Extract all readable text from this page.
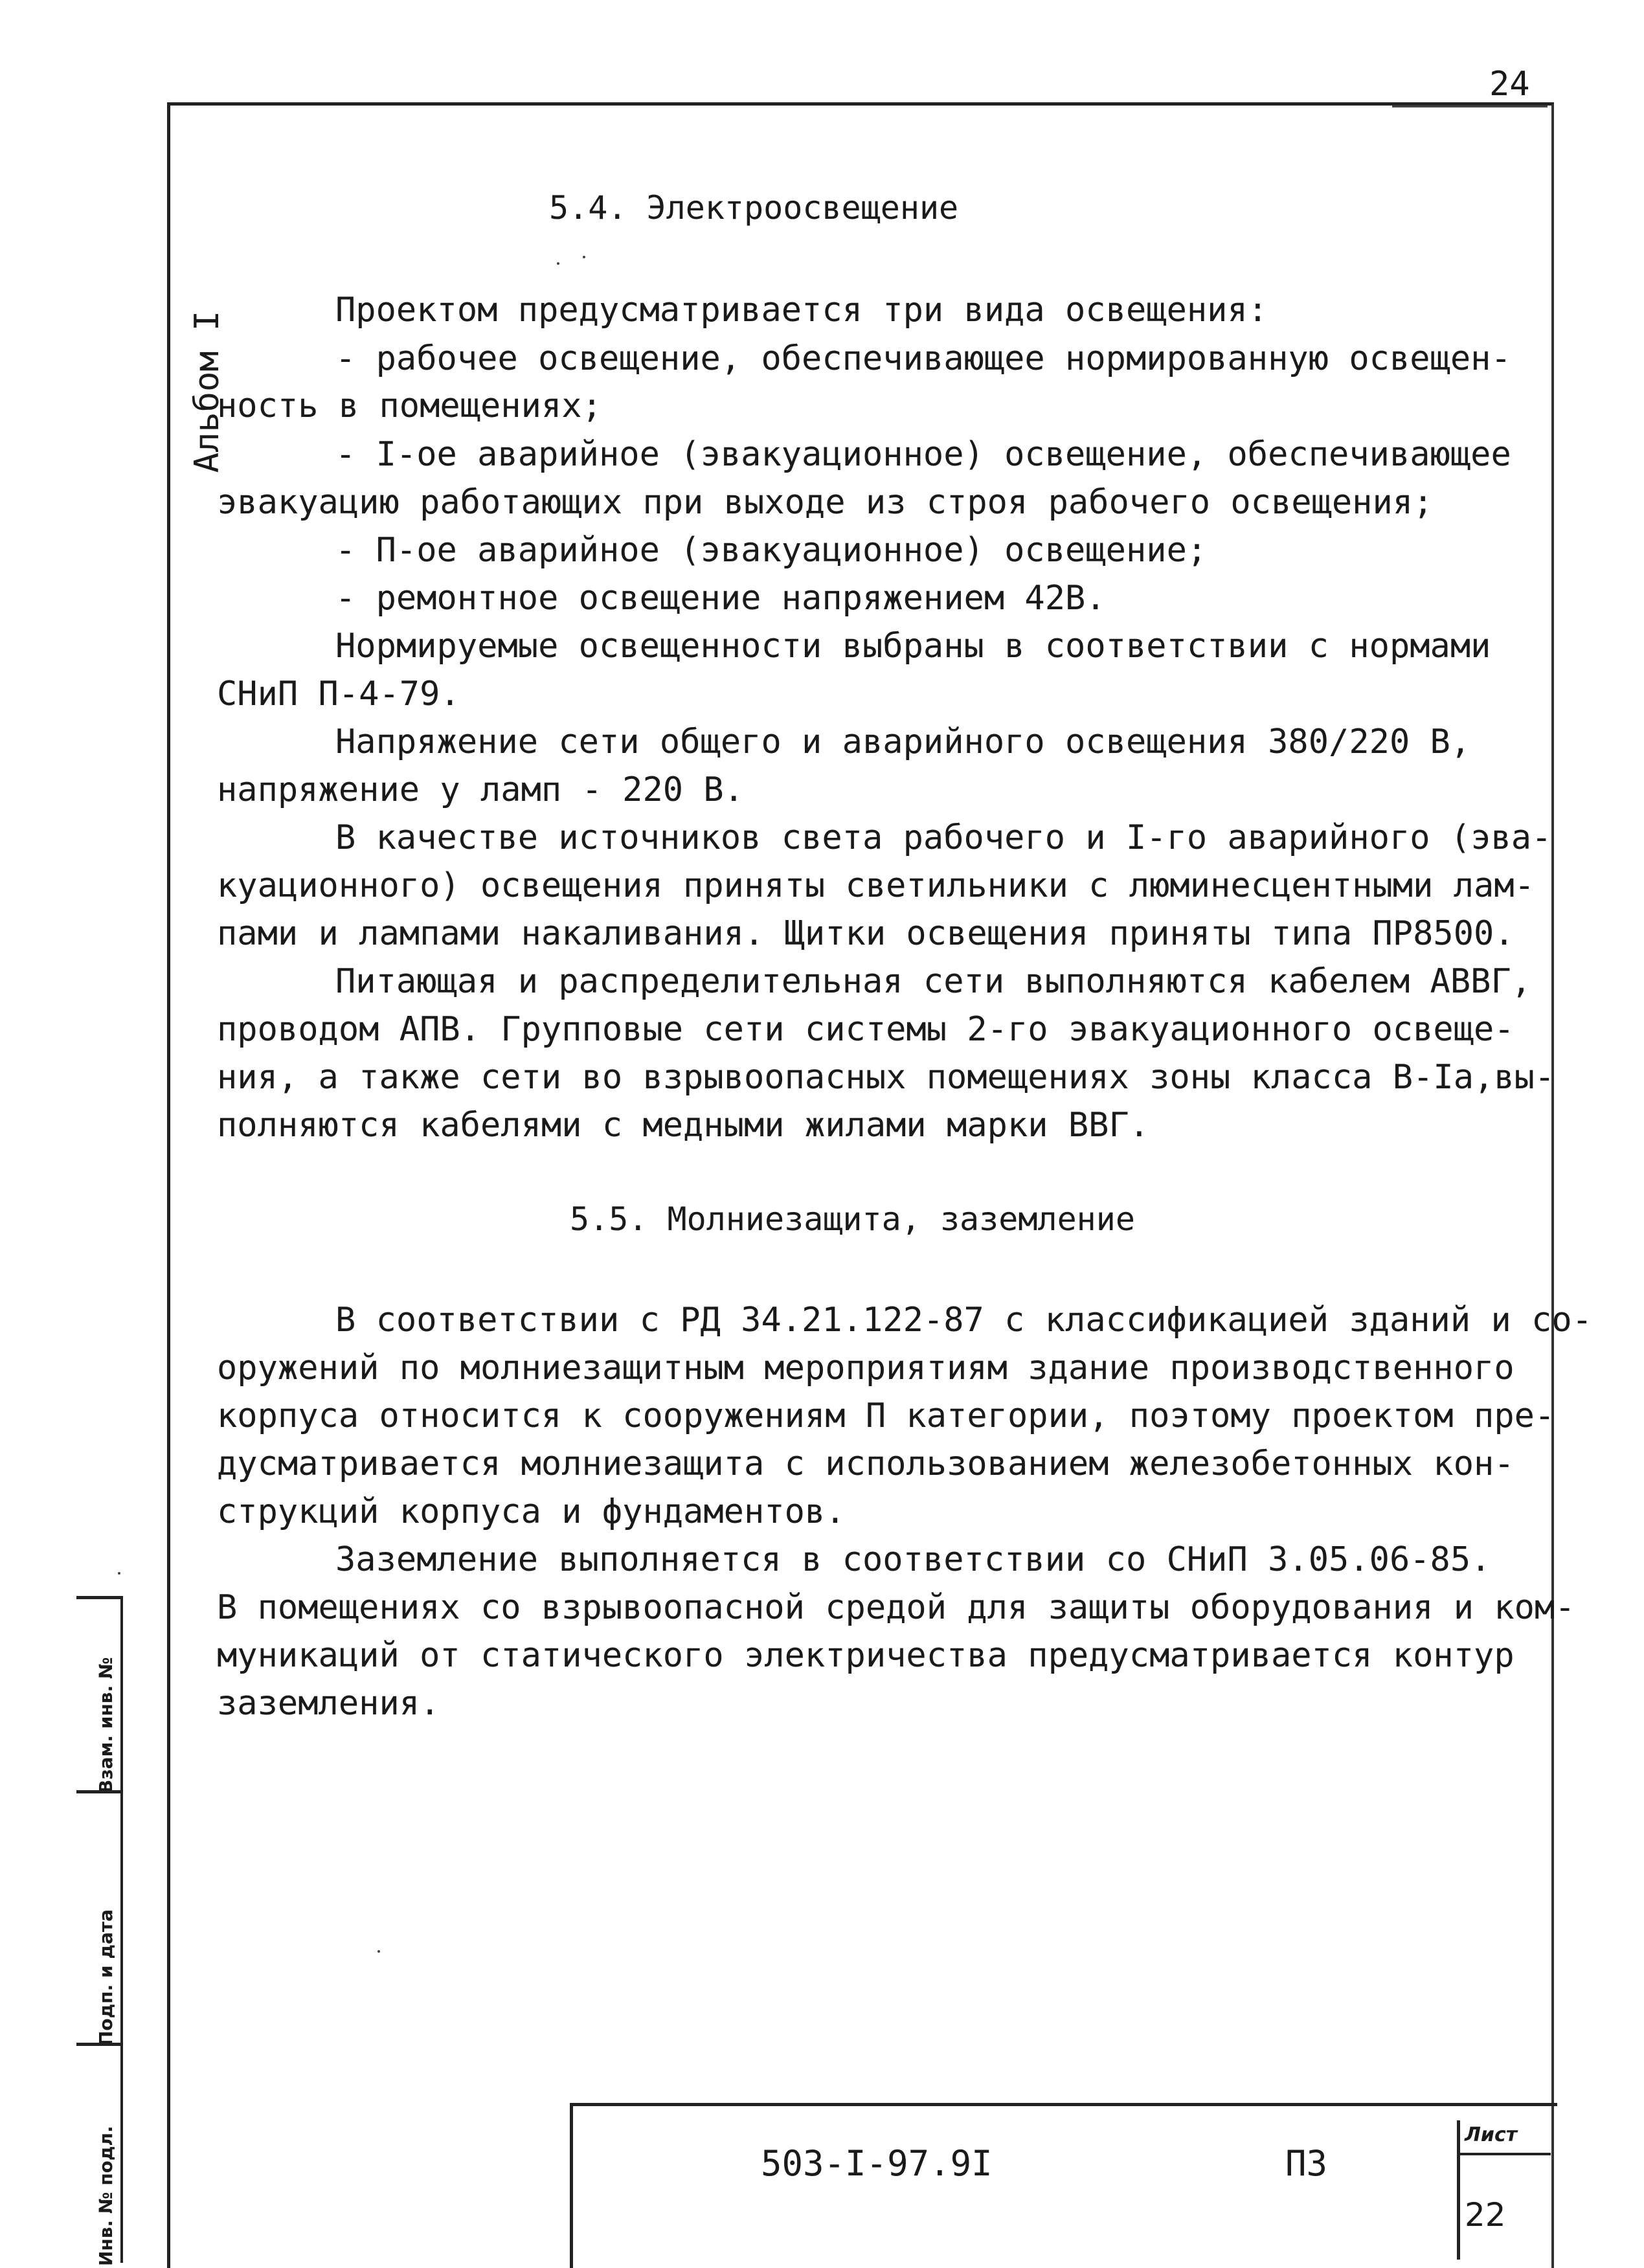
24
Альбом I
5.4. Электроосвещение
Проектом предусматривается три вида освещения:
- рабочее освещение, обеспечивающее нормированную освещен-
ность в помещениях;
- I-ое аварийное (эвакуационное) освещение, обеспечивающее
эвакуацию работающих при выходе из строя рабочего освещения;
- П-ое аварийное (эвакуационное) освещение;
- ремонтное освещение напряжением 42В.
Нормируемые освещенности выбраны в соответствии с нормами
СНиП П-4-79.
Напряжение сети общего и аварийного освещения 380/220 В,
напряжение у ламп - 220 В.
В качестве источников света рабочего и I-го аварийного (эва-
куационного) освещения приняты светильники с люминесцентными лам-
пами и лампами накаливания. Щитки освещения приняты типа ПР8500.
Питающая и распределительная сети выполняются кабелем АВВГ,
проводом АПВ. Групповые сети системы 2-го эвакуационного освеще-
ния, а также сети во взрывоопасных помещениях зоны класса В-Iа,вы-
полняются кабелями с медными жилами марки ВВГ.
5.5. Молниезащита, заземление
В соответствии с РД 34.21.122-87 с классификацией зданий и со-
оружений по молниезащитным мероприятиям здание производственного
корпуса относится к сооружениям П категории, поэтому проектом пре-
дусматривается молниезащита с использованием железобетонных кон-
струкций корпуса и фундаментов.
Заземление выполняется в соответствии со СНиП 3.05.06-85.
В помещениях со взрывоопасной средой для защиты оборудования и ком-
муникаций от статического электричества предусматривается контур
заземления.
Взам. инв. №
Подп. и дата
Инв. № подл.	503-I-97.9I	ПЗ
Лист
22
